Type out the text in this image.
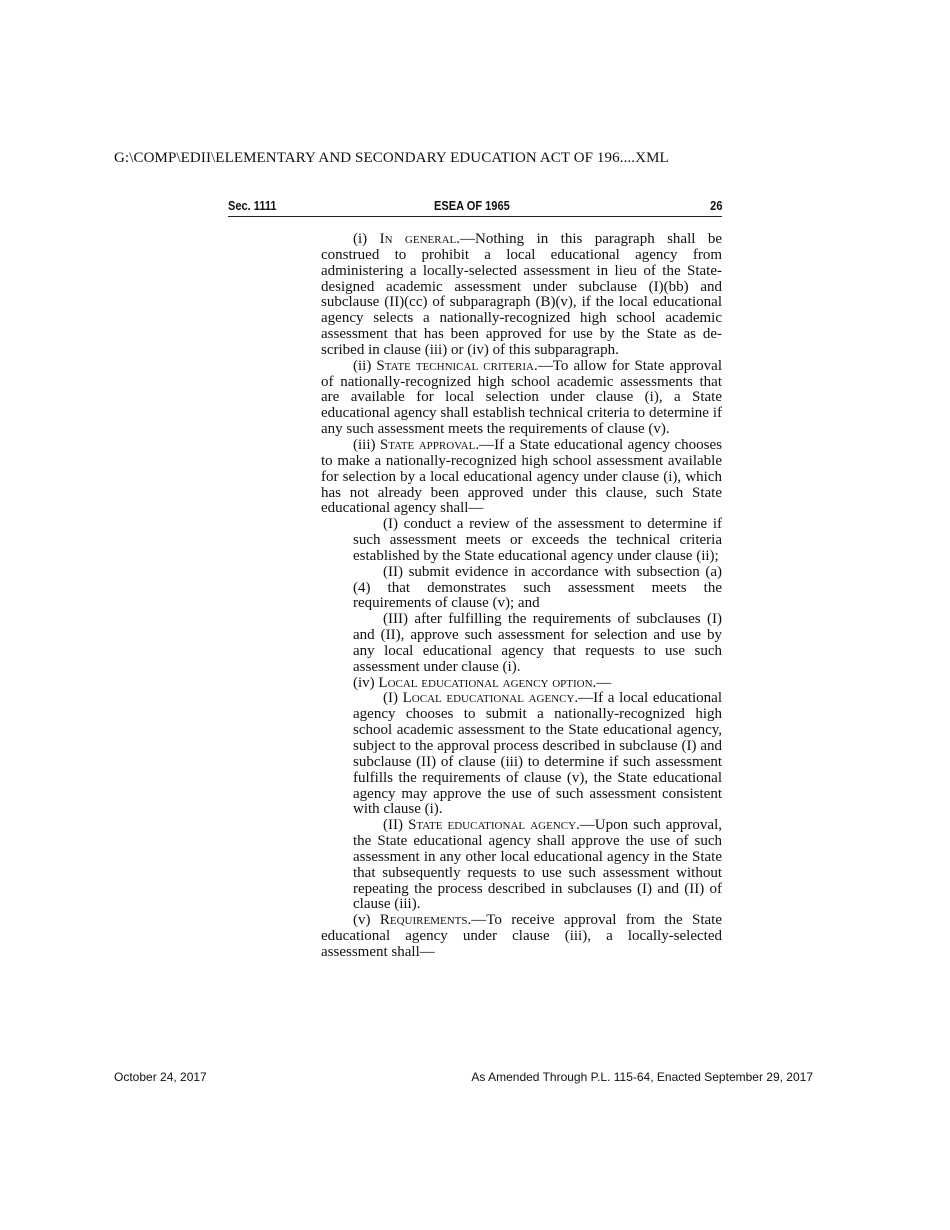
G:\COMP\EDII\ELEMENTARY AND SECONDARY EDUCATION ACT OF 196....XML
Sec. 1111	ESEA OF 1965	26

(i) In general.—Nothing in this paragraph shall be construed to prohibit a local educational agency from administering a locally-selected assessment in lieu of the State-designed academic assessment under subclause (I)(bb) and subclause (II)(cc) of subparagraph (B)(v), if the local educational agency selects a nationally-recognized high school academic assessment that has been approved for use by the State as described in clause (iii) or (iv) of this subparagraph.

(ii) State technical criteria.—To allow for State approval of nationally-recognized high school academic assessments that are available for local selection under clause (i), a State educational agency shall establish technical criteria to determine if any such assessment meets the requirements of clause (v).

(iii) State approval.—If a State educational agency chooses to make a nationally-recognized high school assessment available for selection by a local educational agency under clause (i), which has not already been approved under this clause, such State educational agency shall—

(I) conduct a review of the assessment to determine if such assessment meets or exceeds the technical criteria established by the State educational agency under clause (ii);

(II) submit evidence in accordance with subsection (a)(4) that demonstrates such assessment meets the requirements of clause (v); and

(III) after fulfilling the requirements of subclauses (I) and (II), approve such assessment for selection and use by any local educational agency that requests to use such assessment under clause (i).

(iv) Local educational agency option.—

(I) Local educational agency.—If a local educational agency chooses to submit a nationally-recognized high school academic assessment to the State educational agency, subject to the approval process described in subclause (I) and subclause (II) of clause (iii) to determine if such assessment fulfills the requirements of clause (v), the State educational agency may approve the use of such assessment consistent with clause (i).

(II) State educational agency.—Upon such approval, the State educational agency shall approve the use of such assessment in any other local educational agency in the State that subsequently requests to use such assessment without repeating the process described in subclauses (I) and (II) of clause (iii).

(v) Requirements.—To receive approval from the State educational agency under clause (iii), a locally-selected assessment shall—

October 24, 2017	As Amended Through P.L. 115-64, Enacted September 29, 2017
